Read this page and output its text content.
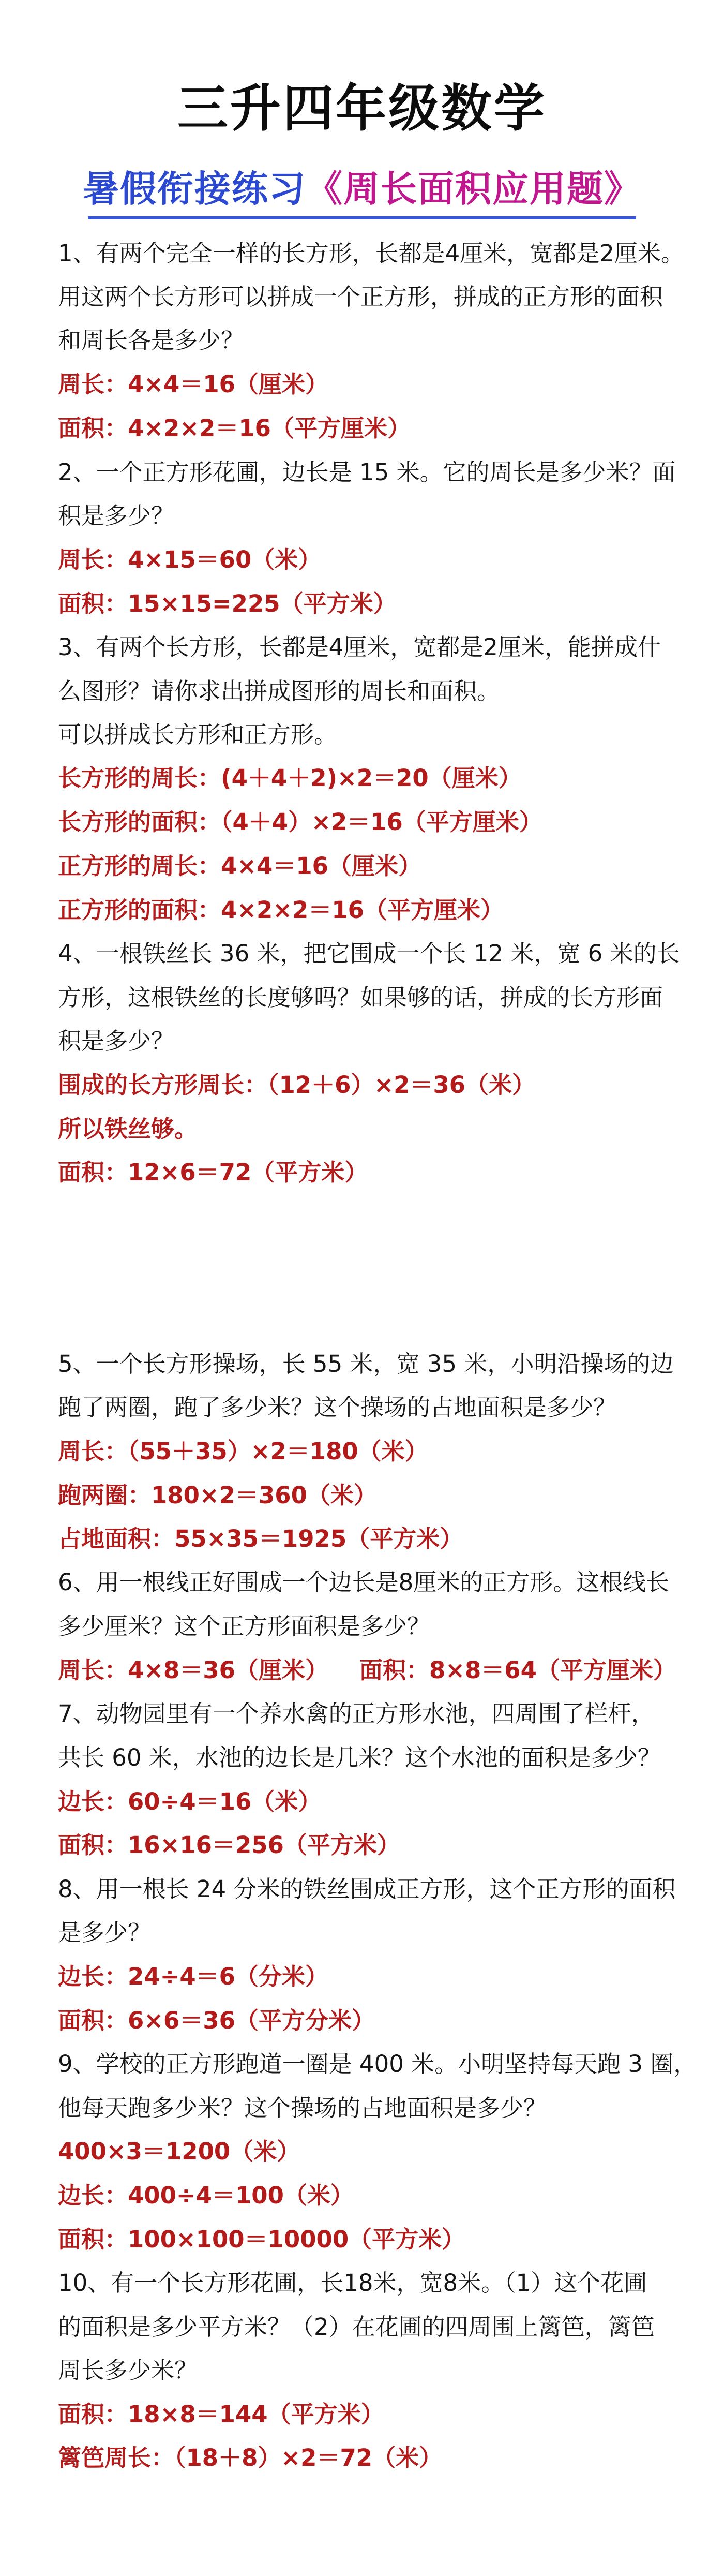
三升四年级数学
暑假衔接练习《周长面积应用题》
1、有两个完全一样的长方形，长都是4厘米，宽都是2厘米。
用这两个长方形可以拼成一个正方形，拼成的正方形的面积
和周长各是多少？
周长：4×4＝16（厘米）
面积：4×2×2＝16（平方厘米）
2、一个正方形花圃，边长是 15 米。它的周长是多少米？面
积是多少？
周长：4×15＝60（米）
面积：15×15=225（平方米）
3、有两个长方形，长都是4厘米，宽都是2厘米，能拼成什
么图形？请你求出拼成图形的周长和面积。
可以拼成长方形和正方形。
长方形的周长：(4＋4＋2)×2＝20（厘米）
长方形的面积：（4＋4）×2＝16（平方厘米）
正方形的周长：4×4＝16（厘米）
正方形的面积：4×2×2＝16（平方厘米）
4、一根铁丝长 36 米，把它围成一个长 12 米，宽 6 米的长
方形，这根铁丝的长度够吗？如果够的话，拼成的长方形面
积是多少？
围成的长方形周长：（12＋6）×2＝36（米）
所以铁丝够。
面积：12×6＝72（平方米）
5、一个长方形操场，长 55 米，宽 35 米，小明沿操场的边
跑了两圈，跑了多少米？这个操场的占地面积是多少？
周长：（55＋35）×2＝180（米）
跑两圈：180×2＝360（米）
占地面积：55×35＝1925（平方米）
6、用一根线正好围成一个边长是8厘米的正方形。这根线长
多少厘米？这个正方形面积是多少？
周长：4×8＝36（厘米） 面积：8×8＝64（平方厘米）
7、动物园里有一个养水禽的正方形水池，四周围了栏杆，
共长 60 米，水池的边长是几米？这个水池的面积是多少？
边长：60÷4＝16（米）
面积：16×16＝256（平方米）
8、用一根长 24 分米的铁丝围成正方形，这个正方形的面积
是多少？
边长：24÷4＝6（分米）
面积：6×6＝36（平方分米）
9、学校的正方形跑道一圈是 400 米。小明坚持每天跑 3 圈，
他每天跑多少米？这个操场的占地面积是多少？
400×3＝1200（米）
边长：400÷4＝100（米）
面积：100×100＝10000（平方米）
10、有一个长方形花圃，长18米，宽8米。（1）这个花圃
的面积是多少平方米？（2）在花圃的四周围上篱笆，篱笆
周长多少米？
面积：18×8＝144（平方米）
篱笆周长：（18＋8）×2＝72（米）
